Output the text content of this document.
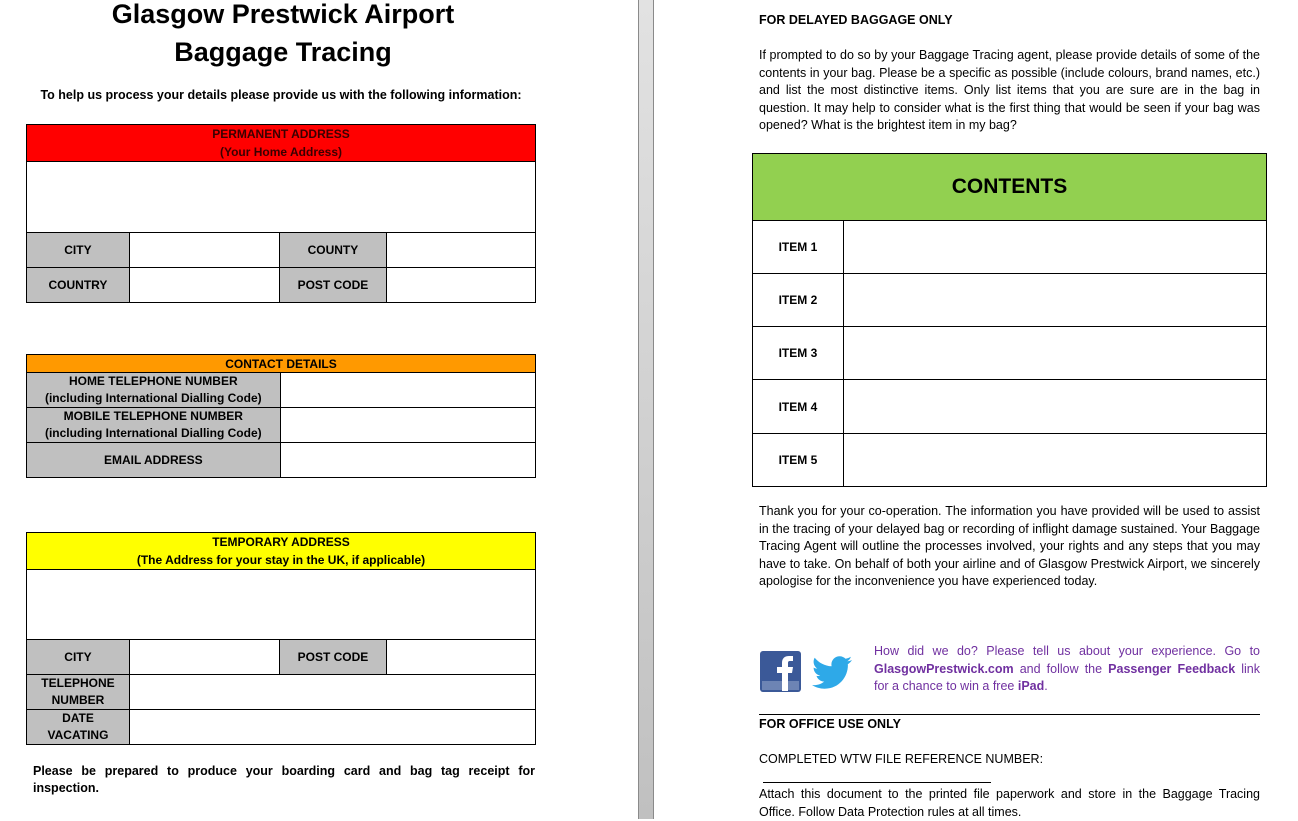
Glasgow Prestwick Airport
Baggage Tracing
To help us process your details please provide us with the following information:
PERMANENT ADDRESS
(Your Home Address)			

CITY		COUNTY	
COUNTRY		POST CODE	
CONTACT DETAILS	
HOME TELEPHONE NUMBER
(including International Dialling Code)	
MOBILE TELEPHONE NUMBER
(including International Dialling Code)	
EMAIL ADDRESS	
TEMPORARY ADDRESS
(The Address for your stay in the UK, if applicable)			

CITY		POST CODE	
TELEPHONE
NUMBER			
DATE
VACATING			
Please be prepared to produce your boarding card and bag tag receipt for inspection.
FOR DELAYED BAGGAGE ONLY
If prompted to do so by your Baggage Tracing agent, please provide details of some of the contents in your bag. Please be a specific as possible (include colours, brand names, etc.) and list the most distinctive items. Only list items that you are sure are in the bag in question. It may help to consider what is the first thing that would be seen if your bag was opened? What is the brightest item in my bag?
CONTENTS	
ITEM 1	
ITEM 2	
ITEM 3	
ITEM 4	
ITEM 5	
Thank you for your co-operation. The information you have provided will be used to assist in the tracing of your delayed bag or recording of inflight damage sustained. Your Baggage Tracing Agent will outline the processes involved, your rights and any steps that you may have to take. On behalf of both your airline and of Glasgow Prestwick Airport, we sincerely apologise for the inconvenience you have experienced today.
How did we do? Please tell us about your experience. Go to GlasgowPrestwick.com and follow the Passenger Feedback link for a chance to win a free iPad.
FOR OFFICE USE ONLY
COMPLETED WTW FILE REFERENCE NUMBER:
Attach this document to the printed file paperwork and store in the Baggage Tracing Office. Follow Data Protection rules at all times.
